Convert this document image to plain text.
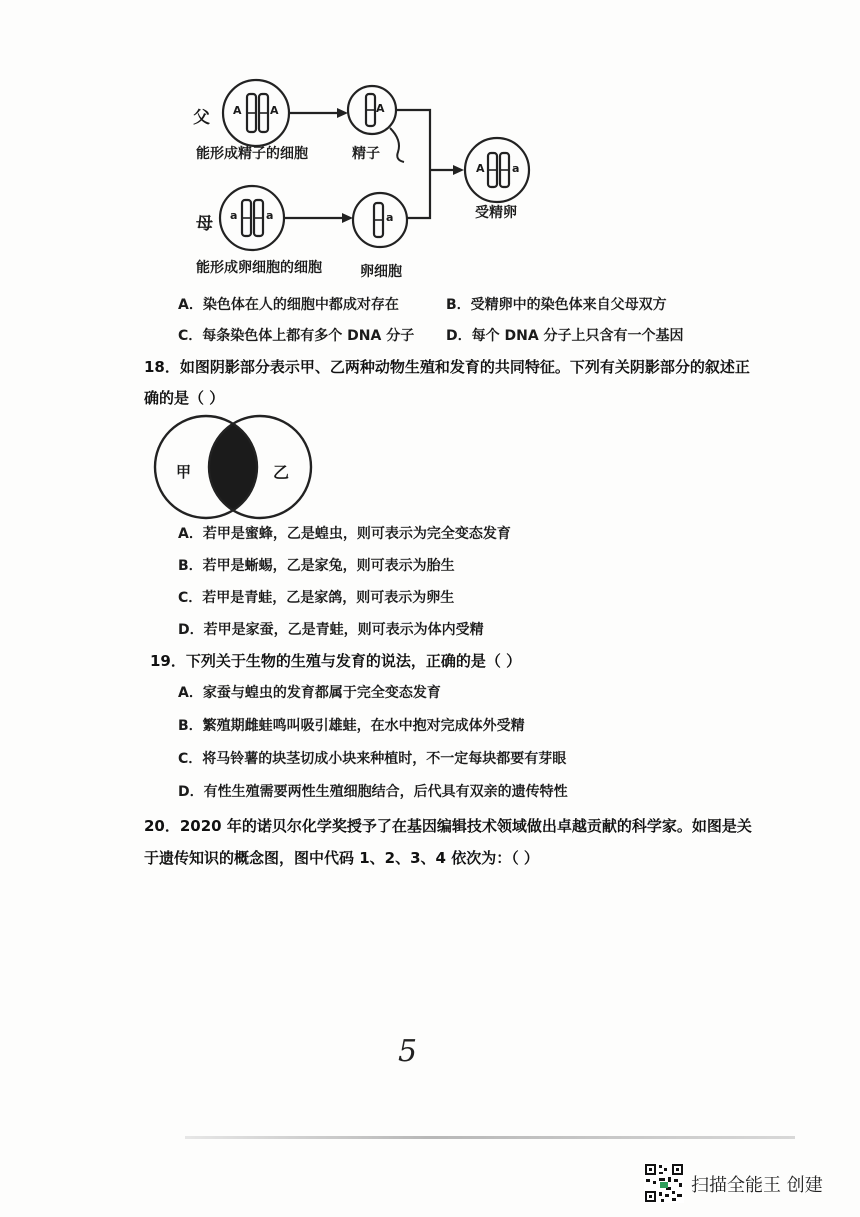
父
母
能形成精子的细胞
能形成卵细胞的细胞
精子
卵细胞
受精卵
A	A	A
a	a	a
A a
A．染色体在人的细胞中都成对存在	B．受精卵中的染色体来自父母双方
C．每条染色体上都有多个 DNA 分子 D．每个 DNA 分子上只含有一个基因
18．如图阴影部分表示甲、乙两种动物生殖和发育的共同特征。下列有关阴影部分的叙述正
确的是（ ）
甲	乙
A．若甲是蜜蜂，乙是蝗虫，则可表示为完全变态发育
B．若甲是蜥蜴，乙是家兔，则可表示为胎生
C．若甲是青蛙，乙是家鸽，则可表示为卵生
D．若甲是家蚕，乙是青蛙，则可表示为体内受精
19．下列关于生物的生殖与发育的说法，正确的是（ ）
A．家蚕与蝗虫的发育都属于完全变态发育
B．繁殖期雌蛙鸣叫吸引雄蛙，在水中抱对完成体外受精
C．将马铃薯的块茎切成小块来种植时，不一定每块都要有芽眼
D．有性生殖需要两性生殖细胞结合，后代具有双亲的遗传特性
20．2020 年的诺贝尔化学奖授予了在基因编辑技术领域做出卓越贡献的科学家。如图是关
于遗传知识的概念图，图中代码 1、2、3、4 依次为：（ ）
5
扫描全能王 创建
